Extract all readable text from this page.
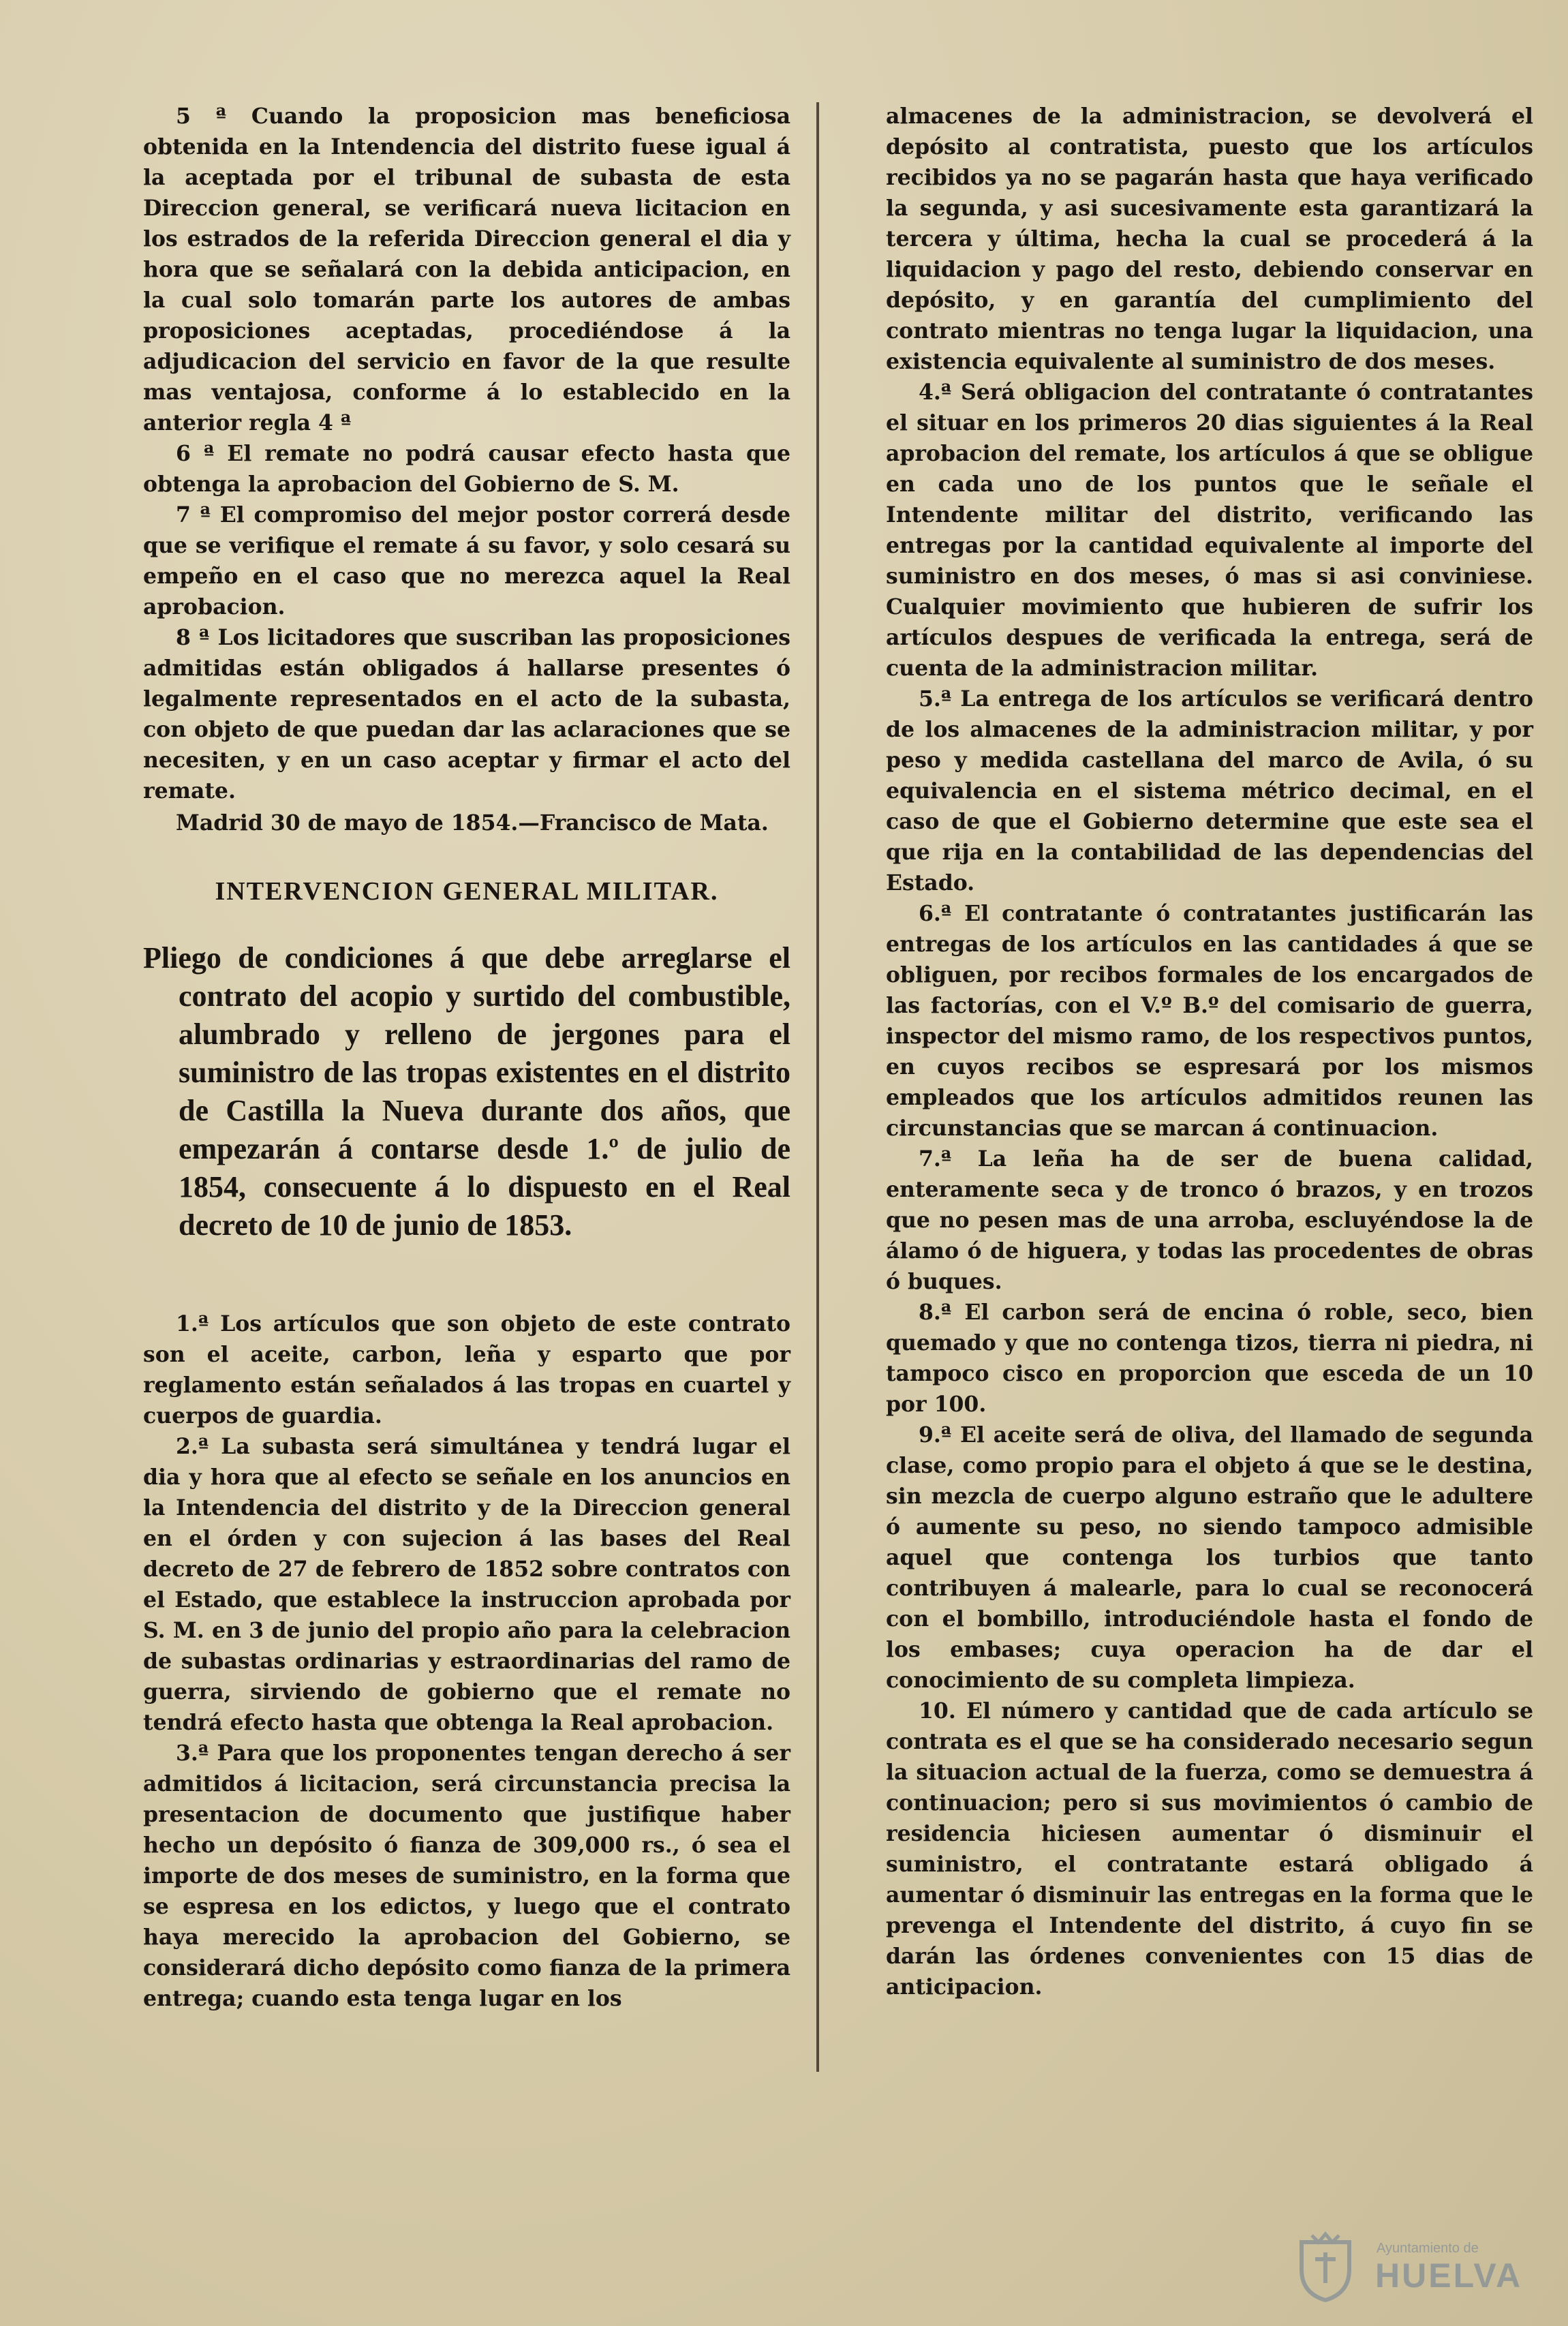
5 ª Cuando la proposicion mas beneficiosa obtenida en la Intendencia del distrito fuese igual á la aceptada por el tribunal de subasta de esta Direccion general, se verificará nueva licitacion en los estrados de la referida Direccion general el dia y hora que se señalará con la debida anticipacion, en la cual solo tomarán parte los autores de ambas proposiciones aceptadas, procediéndose á la adjudicacion del servicio en favor de la que resulte mas ventajosa, conforme á lo establecido en la anterior regla 4 ª

6 ª El remate no podrá causar efecto hasta que obtenga la aprobacion del Gobierno de S. M.

7 ª El compromiso del mejor postor correrá desde que se verifique el remate á su favor, y solo cesará su empeño en el caso que no merezca aquel la Real aprobacion.

8 ª Los licitadores que suscriban las proposiciones admitidas están obligados á hallarse presentes ó legalmente representados en el acto de la subasta, con objeto de que puedan dar las aclaraciones que se necesiten, y en un caso aceptar y firmar el acto del remate.

Madrid 30 de mayo de 1854.—Francisco de Mata.

INTERVENCION GENERAL MILITAR.
Pliego de condiciones á que debe arreglarse el contrato del acopio y surtido del combustible, alumbrado y relleno de jergones para el suministro de las tropas existentes en el distrito de Castilla la Nueva durante dos años, que empezarán á contarse desde 1.º de julio de 1854, consecuente á lo dispuesto en el Real decreto de 10 de junio de 1853.

1.ª Los artículos que son objeto de este contrato son el aceite, carbon, leña y esparto que por reglamento están señalados á las tropas en cuartel y cuerpos de guardia.

2.ª La subasta será simultánea y tendrá lugar el dia y hora que al efecto se señale en los anuncios en la Intendencia del distrito y de la Direccion general en el órden y con sujecion á las bases del Real decreto de 27 de febrero de 1852 sobre contratos con el Estado, que establece la instruccion aprobada por S. M. en 3 de junio del propio año para la celebracion de subastas ordinarias y estraordinarias del ramo de guerra, sirviendo de gobierno que el remate no tendrá efecto hasta que obtenga la Real aprobacion.

3.ª Para que los proponentes tengan derecho á ser admitidos á licitacion, será circunstancia precisa la presentacion de documento que justifique haber hecho un depósito ó fianza de 309,000 rs., ó sea el importe de dos meses de suministro, en la forma que se espresa en los edictos, y luego que el contrato haya merecido la aprobacion del Gobierno, se considerará dicho depósito como fianza de la primera entrega; cuando esta tenga lugar en los

almacenes de la administracion, se devolverá el depósito al contratista, puesto que los artículos recibidos ya no se pagarán hasta que haya verificado la segunda, y asi sucesivamente esta garantizará la tercera y última, hecha la cual se procederá á la liquidacion y pago del resto, debiendo conservar en depósito, y en garantía del cumplimiento del contrato mientras no tenga lugar la liquidacion, una existencia equivalente al suministro de dos meses.

4.ª Será obligacion del contratante ó contratantes el situar en los primeros 20 dias siguientes á la Real aprobacion del remate, los artículos á que se obligue en cada uno de los puntos que le señale el Intendente militar del distrito, verificando las entregas por la cantidad equivalente al importe del suministro en dos meses, ó mas si asi conviniese. Cualquier movimiento que hubieren de sufrir los artículos despues de verificada la entrega, será de cuenta de la administracion militar.

5.ª La entrega de los artículos se verificará dentro de los almacenes de la administracion militar, y por peso y medida castellana del marco de Avila, ó su equivalencia en el sistema métrico decimal, en el caso de que el Gobierno determine que este sea el que rija en la contabilidad de las dependencias del Estado.

6.ª El contratante ó contratantes justificarán las entregas de los artículos en las cantidades á que se obliguen, por recibos formales de los encargados de las factorías, con el V.º B.º del comisario de guerra, inspector del mismo ramo, de los respectivos puntos, en cuyos recibos se espresará por los mismos empleados que los artículos admitidos reunen las circunstancias que se marcan á continuacion.

7.ª La leña ha de ser de buena calidad, enteramente seca y de tronco ó brazos, y en trozos que no pesen mas de una arroba, escluyéndose la de álamo ó de higuera, y todas las procedentes de obras ó buques.

8.ª El carbon será de encina ó roble, seco, bien quemado y que no contenga tizos, tierra ni piedra, ni tampoco cisco en proporcion que esceda de un 10 por 100.

9.ª El aceite será de oliva, del llamado de segunda clase, como propio para el objeto á que se le destina, sin mezcla de cuerpo alguno estraño que le adultere ó aumente su peso, no siendo tampoco admisible aquel que contenga los turbios que tanto contribuyen á malearle, para lo cual se reconocerá con el bombillo, introduciéndole hasta el fondo de los embases; cuya operacion ha de dar el conocimiento de su completa limpieza.

10. El número y cantidad que de cada artículo se contrata es el que se ha considerado necesario segun la situacion actual de la fuerza, como se demuestra á continuacion; pero si sus movimientos ó cambio de residencia hiciesen aumentar ó disminuir el suministro, el contratante estará obligado á aumentar ó disminuir las entregas en la forma que le prevenga el Intendente del distrito, á cuyo fin se darán las órdenes convenientes con 15 dias de anticipacion.

Ayuntamiento de
HUELVA
